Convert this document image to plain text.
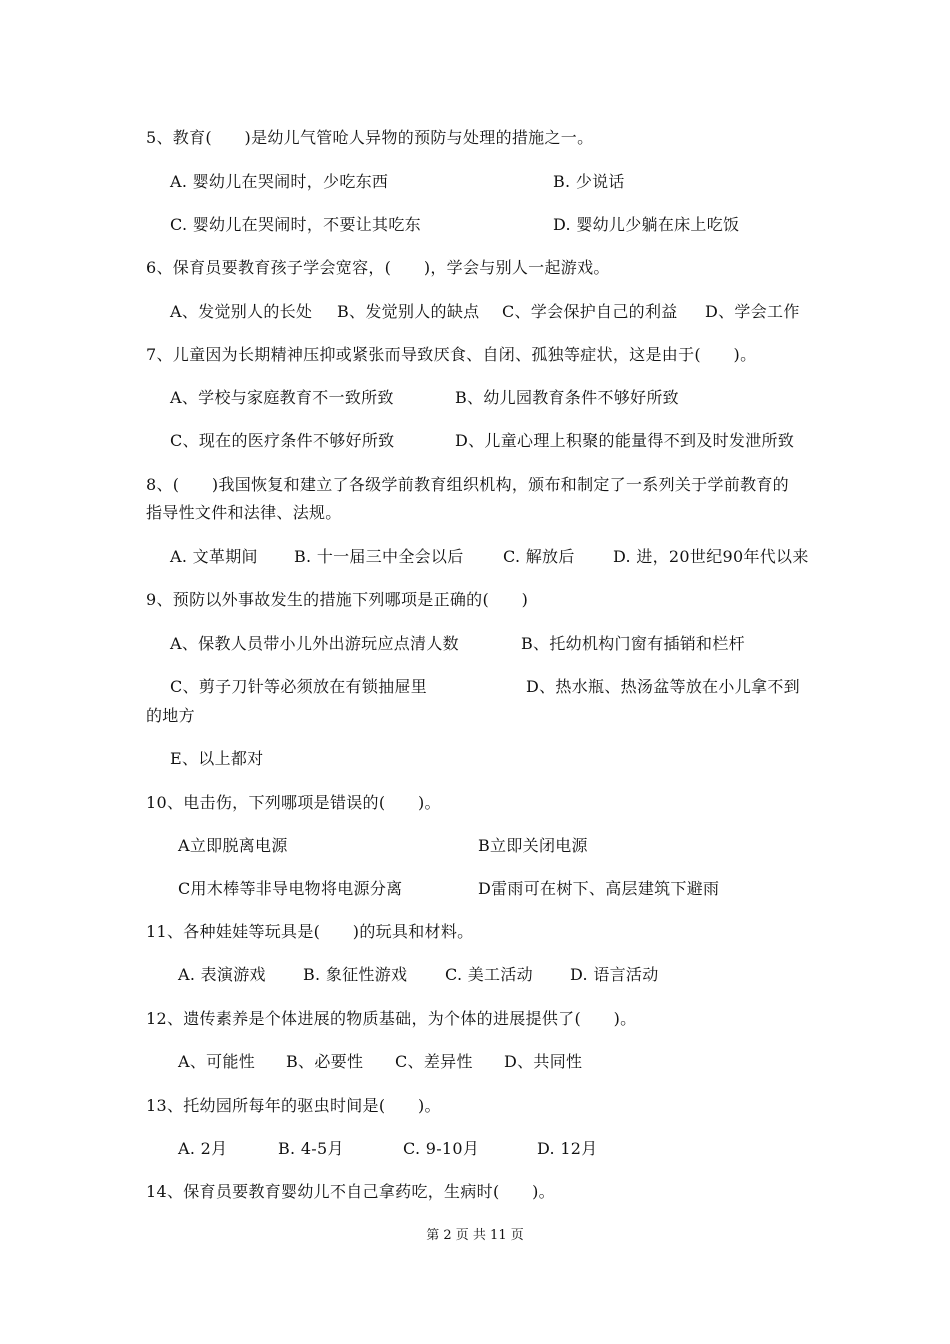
5、教育(　　)是幼儿气管呛人异物的预防与处理的措施之一。
A. 婴幼儿在哭闹时，少吃东西	B. 少说话
C. 婴幼儿在哭闹时，不要让其吃东	D. 婴幼儿少躺在床上吃饭
6、保育员要教育孩子学会宽容，(　　)，学会与别人一起游戏。
A、发觉别人的长处 B、发觉别人的缺点 C、学会保护自己的利益 D、学会工作
7、儿童因为长期精神压抑或紧张而导致厌食、自闭、孤独等症状，这是由于(　　)。
A、学校与家庭教育不一致所致	B、幼儿园教育条件不够好所致
C、现在的医疗条件不够好所致	D、儿童心理上积聚的能量得不到及时发泄所致
8、(　　)我国恢复和建立了各级学前教育组织机构，颁布和制定了一系列关于学前教育的
指导性文件和法律、法规。
A. 文革期间 B. 十一届三中全会以后 C. 解放后 D. 进，20世纪90年代以来
9、预防以外事故发生的措施下列哪项是正确的(　　)
A、保教人员带小儿外出游玩应点清人数	B、托幼机构门窗有插销和栏杆
C、剪子刀针等必须放在有锁抽屉里	D、热水瓶、热汤盆等放在小儿拿不到
的地方
E、以上都对
10、电击伤，下列哪项是错误的(　　)。
A立即脱离电源	B立即关闭电源
C用木棒等非导电物将电源分离	D雷雨可在树下、高层建筑下避雨
11、各种娃娃等玩具是(　　)的玩具和材料。
A. 表演游戏 B. 象征性游戏 C. 美工活动 D. 语言活动
12、遗传素养是个体进展的物质基础，为个体的进展提供了(　　)。
A、可能性 B、必要性 C、差异性 D、共同性
13、托幼园所每年的驱虫时间是(　　)。
A. 2月	B. 4-5月	C. 9-10月	D. 12月
14、保育员要教育婴幼儿不自己拿药吃，生病时(　　)。
第 2 页 共 11 页
